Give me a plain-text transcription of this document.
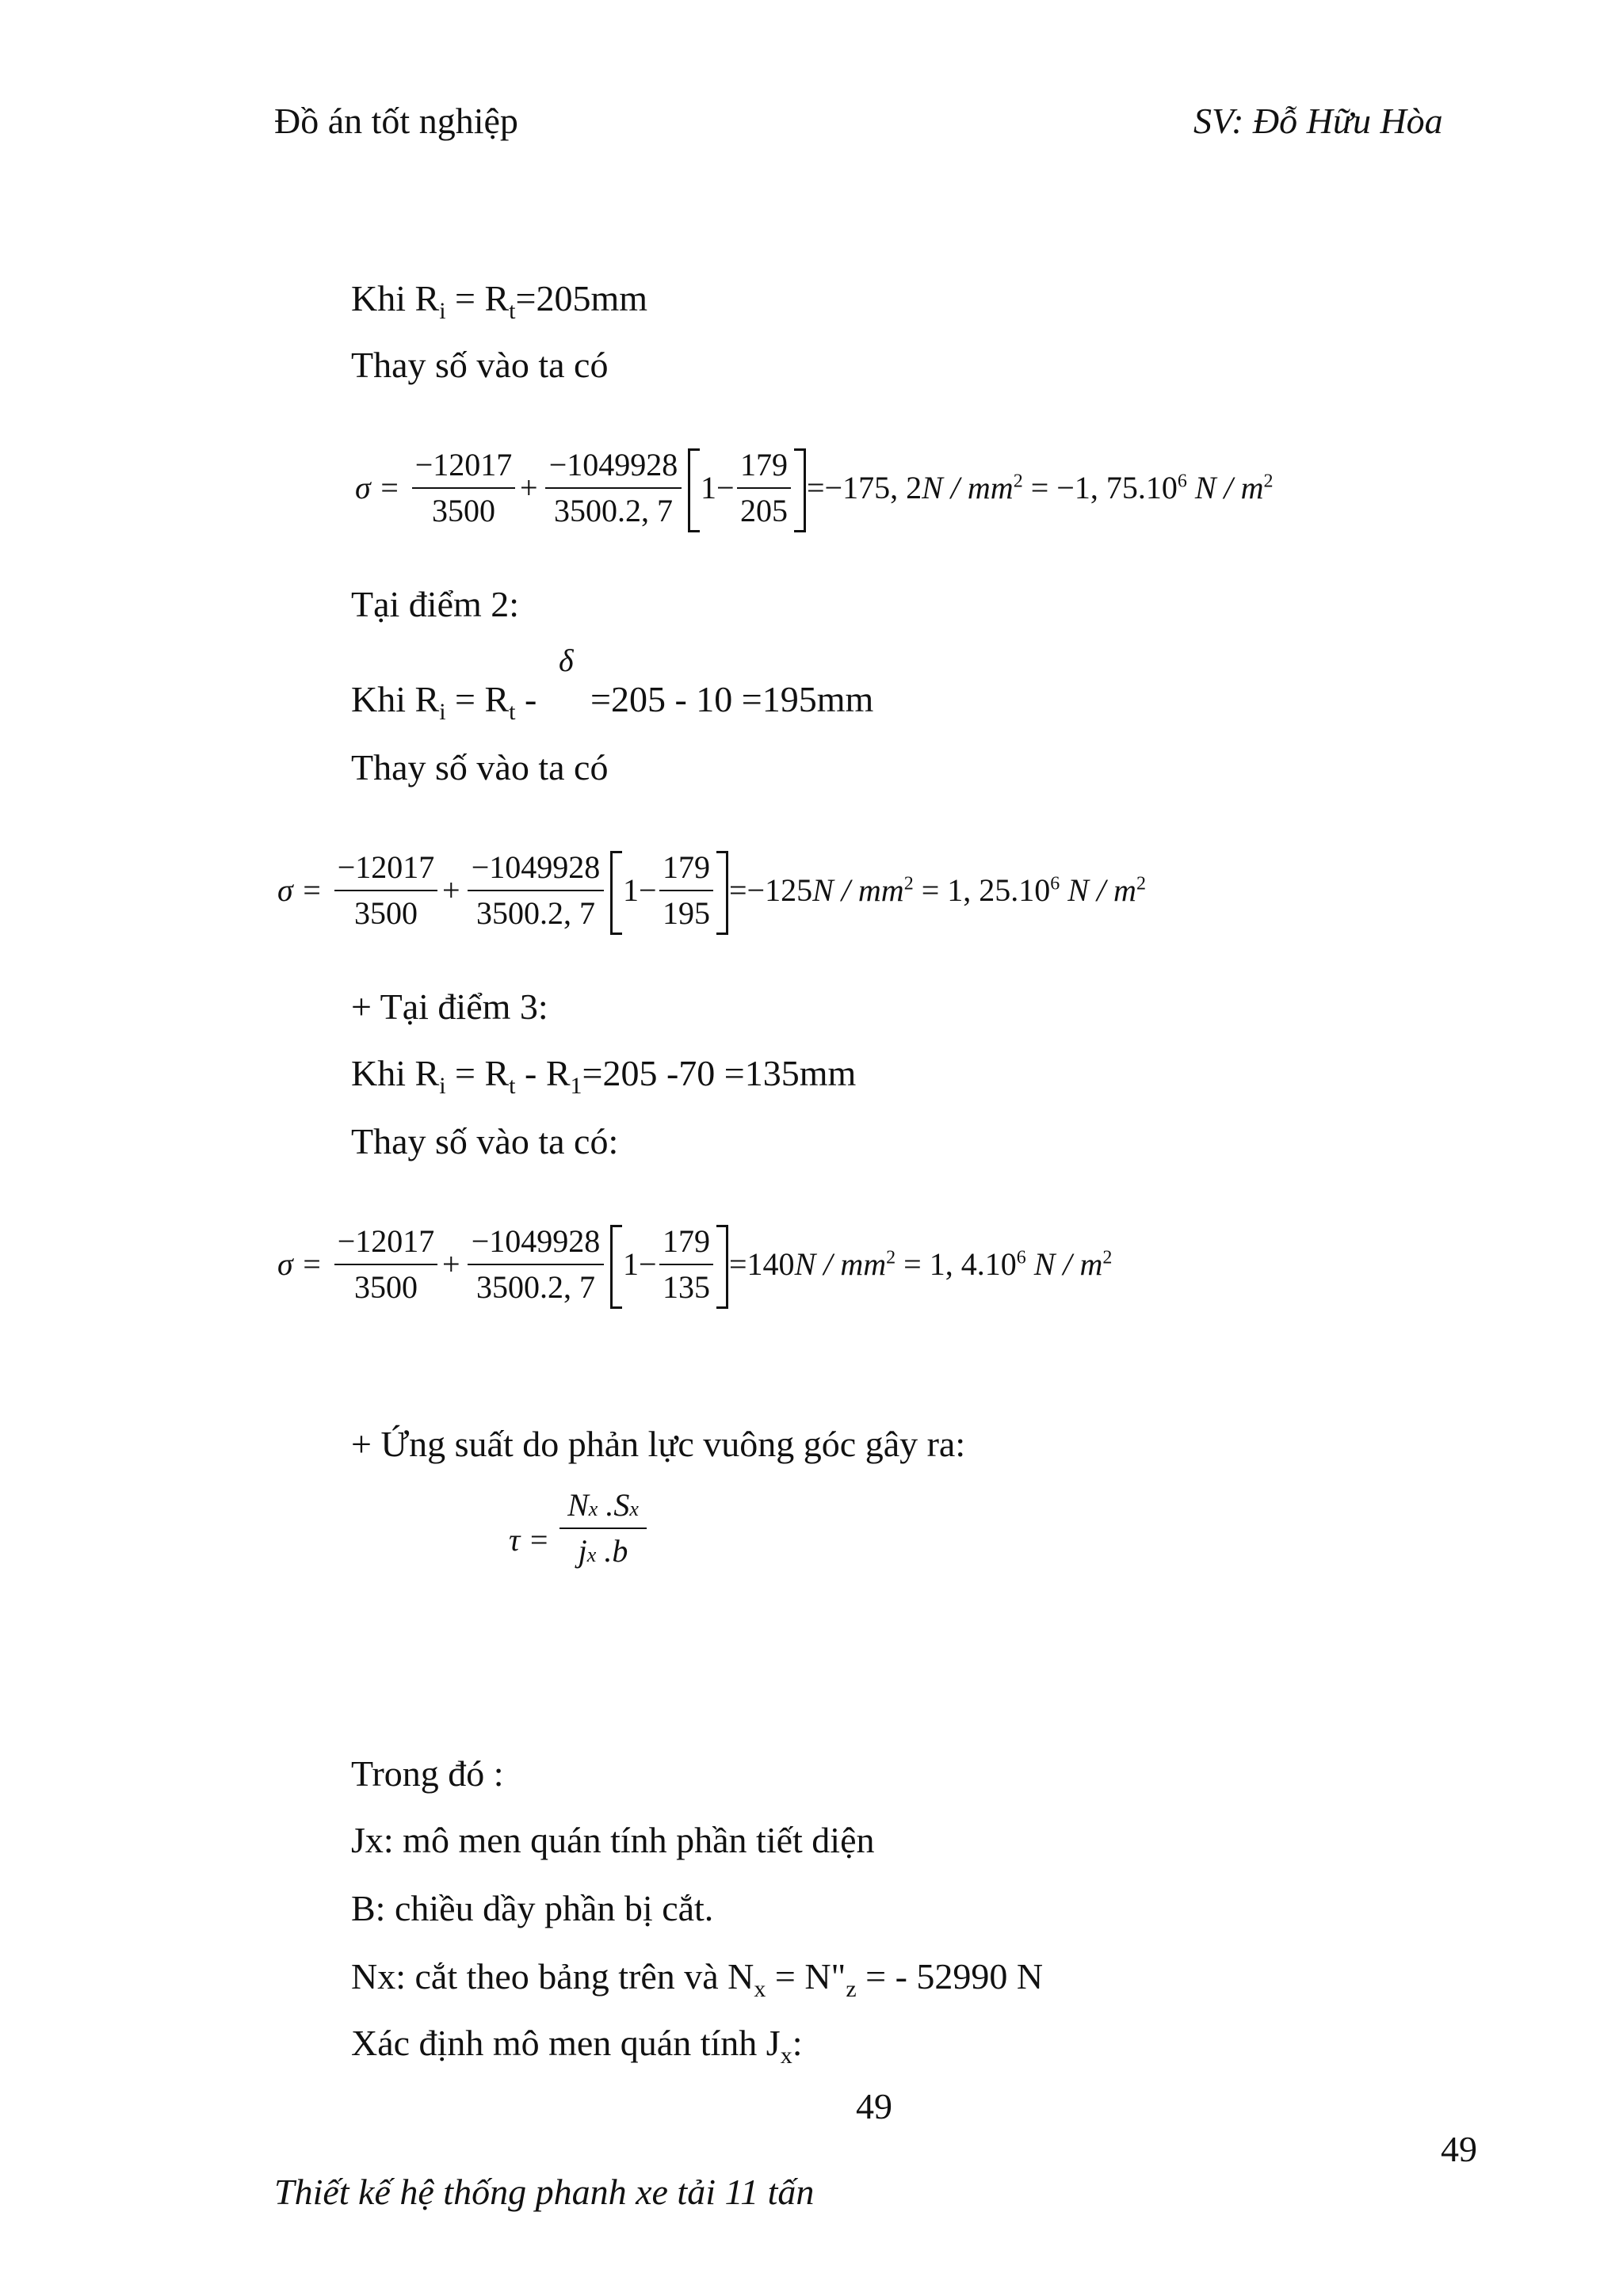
Đồ án tốt nghiệp	SV: Đỗ Hữu Hòa
Khi $R_i = R_t=205mm$
Thay số vào ta có
σ =
−12017
3500
+
−1049928
3500.2, 7
1−
179
205
=−175, $2N / mm^2 = -1$, 75.10$^6$ N / $m^2$
Tại điểm 2:
δ
Khi $R_i = R_t - =205 - 10 =195mm$
Thay số vào ta có
σ =
−12017
3500
+
−1049928
3500.2, 7
1−
179
195
$=-125N / mm^2 = 1$, 25.10$^6$ N / $m^2$
+ Tại điểm 3:
Khi $R_i = R_t - R_1=205$ -70 =135mm
Thay số vào ta có:
σ =
−12017
3500
+
−1049928
3500.2, 7
1−
179
135
$=140N / mm^2 = 1$, 4.10$^6$ N / $m^2$
+ Ứng suất do phản lực vuông góc gây ra:
τ =
Nx .Sx
jx .b
Trong đó :
Jx: mô men quán tính phần tiết diện
B: chiều dầy phần bị cắt.
Nx: cắt theo bảng trên và $N_x$ = $N"_z$ = - 52990 N
Xác định mô men quán tính $J_x$:
49
49
Thiết kế hệ thống phanh xe tải 11 tấn
